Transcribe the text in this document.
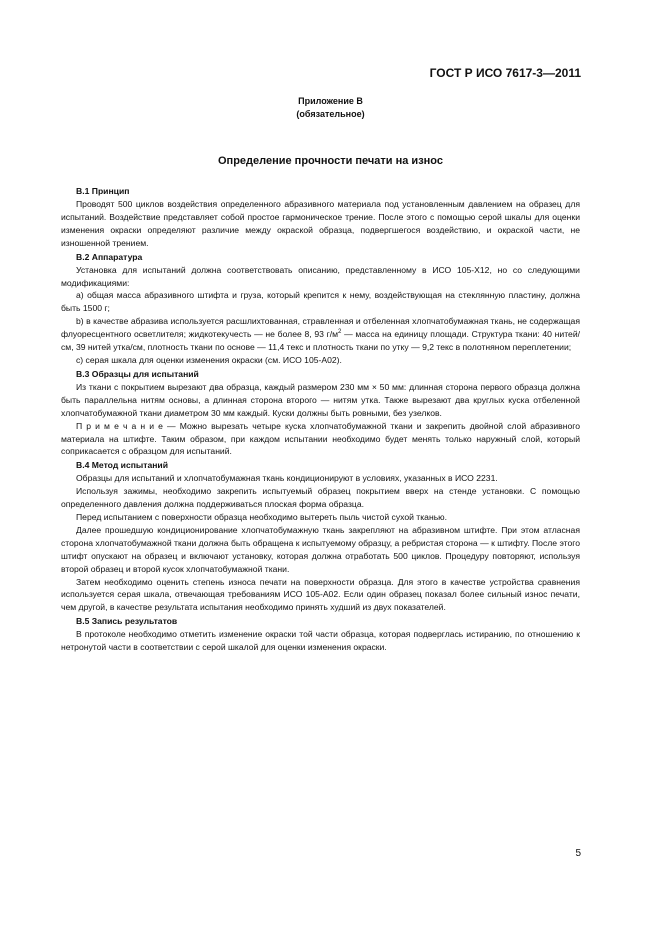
ГОСТ Р ИСО 7617-3—2011
Приложение В
(обязательное)
Определение прочности печати на износ
В.1 Принцип

Проводят 500 циклов воздействия определенного абразивного материала под установленным давлением на образец для испытаний. Воздействие представляет собой простое гармоническое трение. После этого с помощью серой шкалы для оценки изменения окраски определяют различие между окраской образца, подвергшегося воздействию, и окраской части, не изношенной трением.

В.2 Аппаратура

Установка для испытаний должна соответствовать описанию, представленному в ИСО 105-Х12, но со следующими модификациями:

a) общая масса абразивного штифта и груза, который крепится к нему, воздействующая на стеклянную пластину, должна быть 1500 г;

b) в качестве абразива используется расшлихтованная, стравленная и отбеленная хлопчатобумажная ткань, не содержащая флуоресцентного осветлителя; жидкотекучесть — не более 8, 93 $г/м^2$ — масса на единицу площади. Структура ткани: 40 нитей/см, 39 нитей утка/см, плотность ткани по основе — 11,4 текс и плотность ткани по утку — 9,2 текс в полотняном переплетении;

c) серая шкала для оценки изменения окраски (см. ИСО 105-А02).

В.3 Образцы для испытаний

Из ткани с покрытием вырезают два образца, каждый размером 230 мм × 50 мм: длинная сторона первого образца должна быть параллельна нитям основы, а длинная сторона второго — нитям утка. Также вырезают два круглых куска отбеленной хлопчатобумажной ткани диаметром 30 мм каждый. Куски должны быть ровными, без узелков.

П р и м е ч а н и е — Можно вырезать четыре куска хлопчатобумажной ткани и закрепить двойной слой абразивного материала на штифте. Таким образом, при каждом испытании необходимо будет менять только наружный слой, который соприкасается с образцом для испытаний.

В.4 Метод испытаний

Образцы для испытаний и хлопчатобумажная ткань кондиционируют в условиях, указанных в ИСО 2231.

Используя зажимы, необходимо закрепить испытуемый образец покрытием вверх на стенде установки. С помощью определенного давления должна поддерживаться плоская форма образца.

Перед испытанием с поверхности образца необходимо вытереть пыль чистой сухой тканью.

Далее прошедшую кондиционирование хлопчатобумажную ткань закрепляют на абразивном штифте. При этом атласная сторона хлопчатобумажной ткани должна быть обращена к испытуемому образцу, а ребристая сторона — к штифту. После этого штифт опускают на образец и включают установку, которая должна отработать 500 циклов. Процедуру повторяют, используя второй образец и второй кусок хлопчатобумажной ткани.

Затем необходимо оценить степень износа печати на поверхности образца. Для этого в качестве устройства сравнения используется серая шкала, отвечающая требованиям ИСО 105-А02. Если один образец показал более сильный износ печати, чем другой, в качестве результата испытания необходимо принять худший из двух показателей.

В.5 Запись результатов

В протоколе необходимо отметить изменение окраски той части образца, которая подверглась истиранию, по отношению к нетронутой части в соответствии с серой шкалой для оценки изменения окраски.

5
